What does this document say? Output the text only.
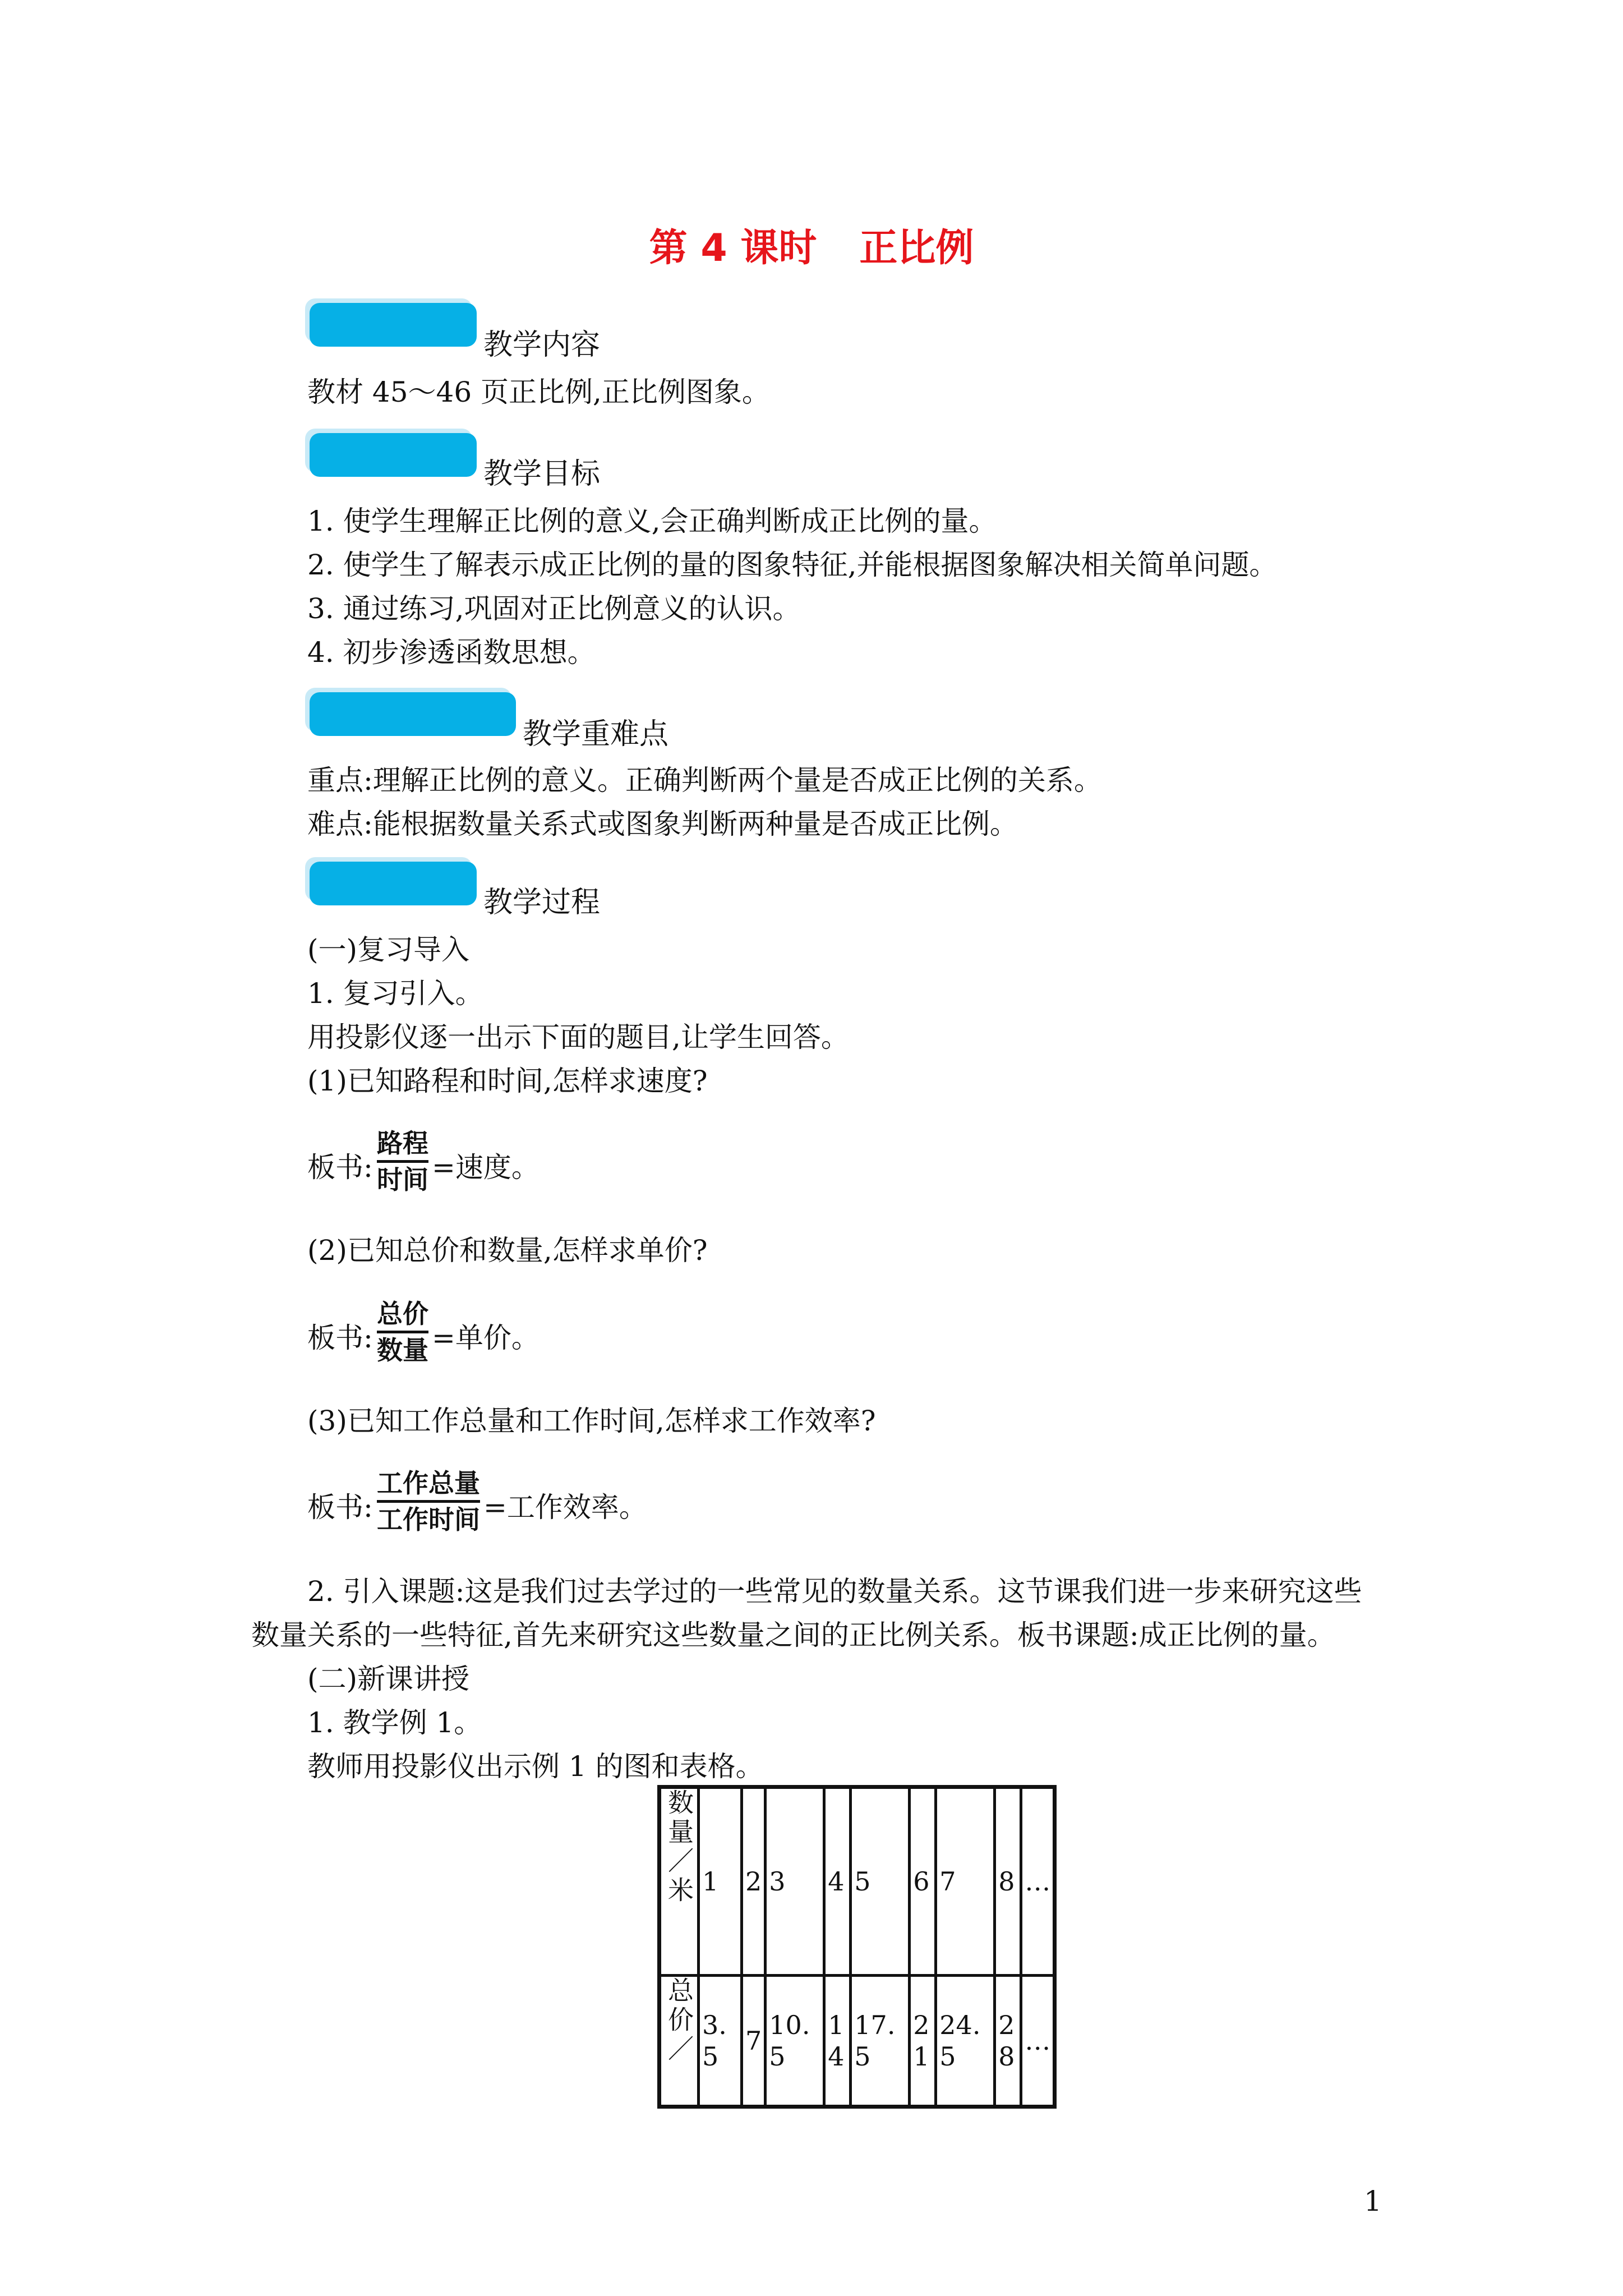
第 4 课时 正比例
教学内容
教材 45～46 页正比例,正比例图象。
教学目标
1. 使学生理解正比例的意义,会正确判断成正比例的量。
2. 使学生了解表示成正比例的量的图象特征,并能根据图象解决相关简单问题。
3. 通过练习,巩固对正比例意义的认识。
4. 初步渗透函数思想。
教学重难点
重点:理解正比例的意义。正确判断两个量是否成正比例的关系。
难点:能根据数量关系式或图象判断两种量是否成正比例。
教学过程
(一)复习导入
1. 复习引入。
用投影仪逐一出示下面的题目,让学生回答。
(1)已知路程和时间,怎样求速度?
板书:
路程
时间 =速度。
(2)已知总价和数量,怎样求单价?
板书:
总价
数量 =单价。
(3)已知工作总量和工作时间,怎样求工作效率?
板书:
工作总量
工作时间 =工作效率。
2. 引入课题:这是我们过去学过的一些常见的数量关系。这节课我们进一步来研究这些
数量关系的一些特征,首先来研究这些数量之间的正比例关系。板书课题:成正比例的量。
(二)新课讲授
1. 教学例 1。
教师用投影仪出示例 1 的图和表格。
数量／米	1	2	3	4	5	6	7	8	…
总价／	3.5	7	10.5	14	17.5	21	24.5	28	…
1
